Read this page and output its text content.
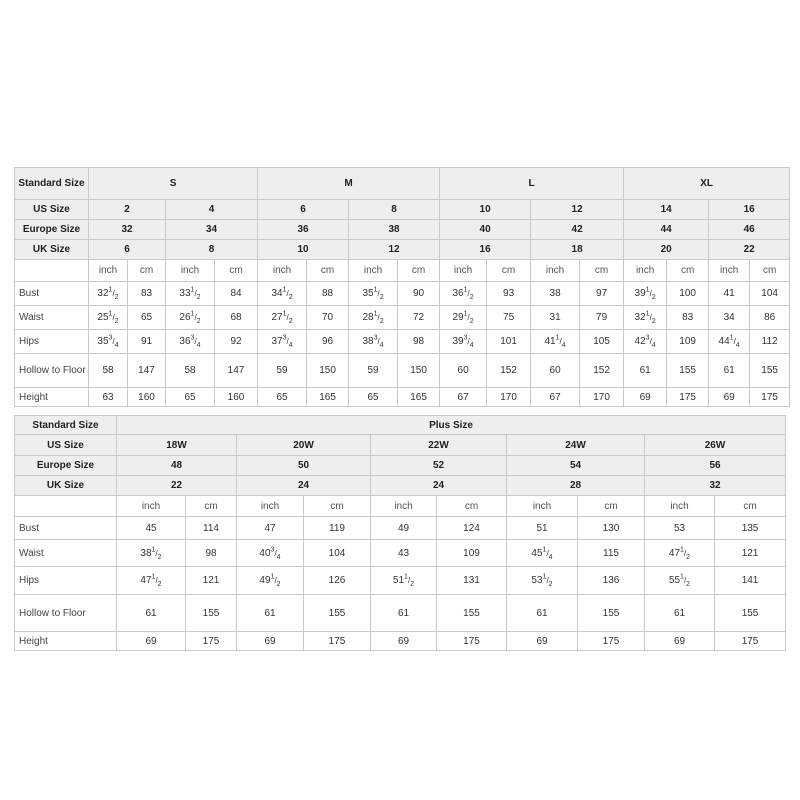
Standard Size	S				M				L				XL			
US Size	2		4		6		8		10		12		14		16	
Europe Size	32		34		36		38		40		42		44		46	
UK Size	6		8		10		12		16		18		20		22	
	inch	cm	inch	cm	inch	cm	inch	cm	inch	cm	inch	cm	inch	cm	inch	cm
Bust	$32^1/_2$	83	$33^1/_2$	84	$34^1/_2$	88	$35^1/_2$	90	$36^1/_2$	93	38	97	$39^1/_2$	100	41	104
Waist	$25^1/_2$	65	$26^1/_2$	68	$27^1/_2$	70	$28^1/_2$	72	$29^1/_2$	75	31	79	$32^1/_2$	83	34	86
Hips	$35^3/_4$	91	$36^3/_4$	92	$37^3/_4$	96	$38^3/_4$	98	$39^3/_4$	101	$41^1/_4$	105	$42^3/_4$	109	$44^1/_4$	112
Hollow to Floor	58	147	58	147	59	150	59	150	60	152	60	152	61	155	61	155
Height	63	160	65	160	65	165	65	165	67	170	67	170	69	175	69	175
Standard Size	Plus Size									
US Size	18W		20W		22W		24W		26W	
Europe Size	48		50		52		54		56	
UK Size	22		24		24		28		32	
	inch	cm	inch	cm	inch	cm	inch	cm	inch	cm
Bust	45	114	47	119	49	124	51	130	53	135
Waist	$38^1/_2$	98	$40^3/_4$	104	43	109	$45^1/_4$	115	$47^1/_2$	121
Hips	$47^1/_2$	121	$49^1/_2$	126	$51^1/_2$	131	$53^1/_2$	136	$55^1/_2$	141
Hollow to Floor	61	155	61	155	61	155	61	155	61	155
Height	69	175	69	175	69	175	69	175	69	175
